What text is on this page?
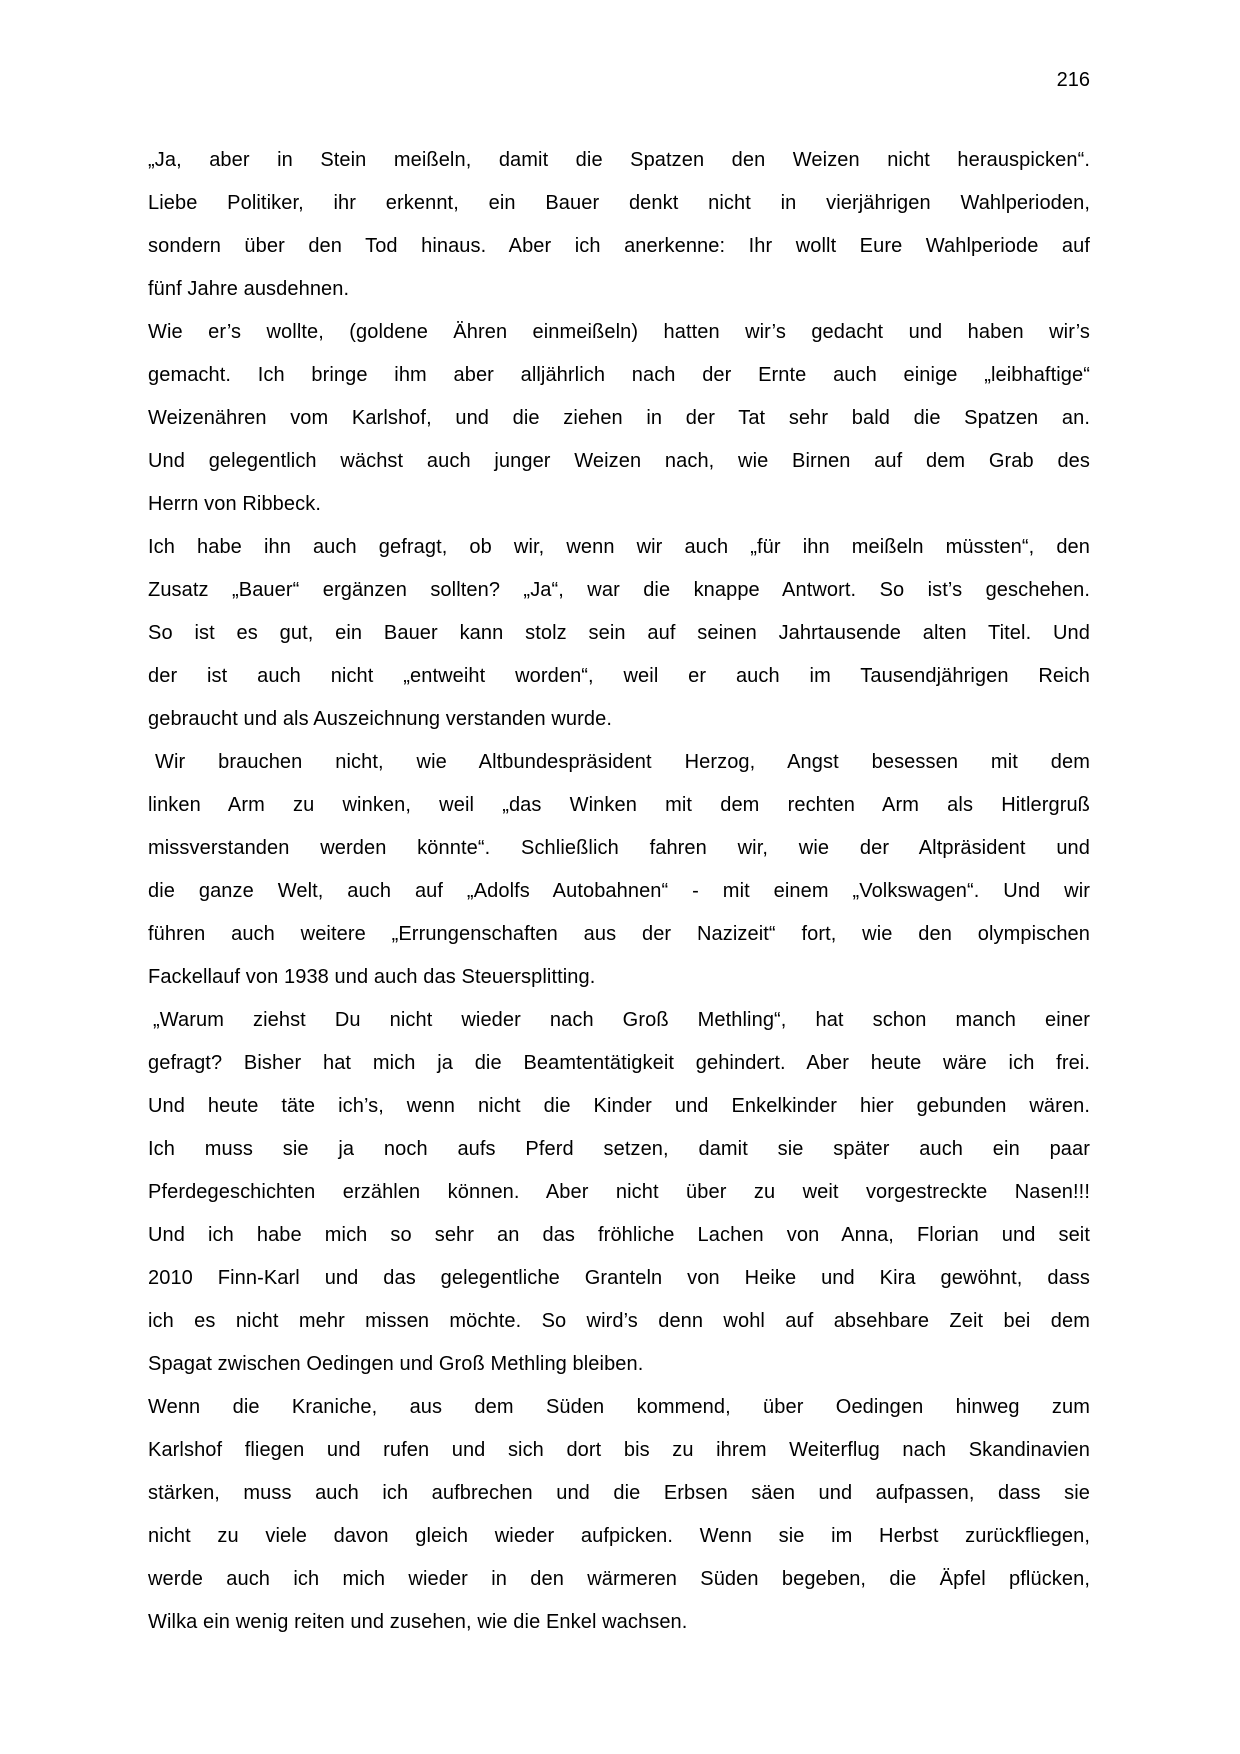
216
„Ja, aber in Stein meißeln, damit die Spatzen den Weizen nicht herauspicken“.
Liebe Politiker, ihr erkennt, ein Bauer denkt nicht in vierjährigen Wahlperioden,
sondern über den Tod hinaus. Aber ich anerkenne: Ihr wollt Eure Wahlperiode auf
fünf Jahre ausdehnen.
Wie er’s wollte, (goldene Ähren einmeißeln) hatten wir’s gedacht und haben wir’s
gemacht. Ich bringe ihm aber alljährlich nach der Ernte auch einige „leibhaftige“
Weizenähren vom Karlshof, und die ziehen in der Tat sehr bald die Spatzen an.
Und gelegentlich wächst auch junger Weizen nach, wie Birnen auf dem Grab des
Herrn von Ribbeck.
Ich habe ihn auch gefragt, ob wir, wenn wir auch „für ihn meißeln müssten“, den
Zusatz „Bauer“ ergänzen sollten? „Ja“, war die knappe Antwort. So ist’s geschehen.
So ist es gut, ein Bauer kann stolz sein auf seinen Jahrtausende alten Titel. Und
der ist auch nicht „entweiht worden“, weil er auch im Tausendjährigen Reich
gebraucht und als Auszeichnung verstanden wurde.
Wir brauchen nicht, wie Altbundespräsident Herzog, Angst besessen mit dem
linken Arm zu winken, weil „das Winken mit dem rechten Arm als Hitlergruß
missverstanden werden könnte“. Schließlich fahren wir, wie der Altpräsident und
die ganze Welt, auch auf „Adolfs Autobahnen“ - mit einem „Volkswagen“. Und wir
führen auch weitere „Errungenschaften aus der Nazizeit“ fort, wie den olympischen
Fackellauf von 1938 und auch das Steuersplitting.
„Warum ziehst Du nicht wieder nach Groß Methling“, hat schon manch einer
gefragt? Bisher hat mich ja die Beamtentätigkeit gehindert. Aber heute wäre ich frei.
Und heute täte ich’s, wenn nicht die Kinder und Enkelkinder hier gebunden wären.
Ich muss sie ja noch aufs Pferd setzen, damit sie später auch ein paar
Pferdegeschichten erzählen können. Aber nicht über zu weit vorgestreckte Nasen!!!
Und ich habe mich so sehr an das fröhliche Lachen von Anna, Florian und seit
2010 Finn-Karl und das gelegentliche Granteln von Heike und Kira gewöhnt, dass
ich es nicht mehr missen möchte. So wird’s denn wohl auf absehbare Zeit bei dem
Spagat zwischen Oedingen und Groß Methling bleiben.
Wenn die Kraniche, aus dem Süden kommend, über Oedingen hinweg zum
Karlshof fliegen und rufen und sich dort bis zu ihrem Weiterflug nach Skandinavien
stärken, muss auch ich aufbrechen und die Erbsen säen und aufpassen, dass sie
nicht zu viele davon gleich wieder aufpicken. Wenn sie im Herbst zurückfliegen,
werde auch ich mich wieder in den wärmeren Süden begeben, die Äpfel pflücken,
Wilka ein wenig reiten und zusehen, wie die Enkel wachsen.
